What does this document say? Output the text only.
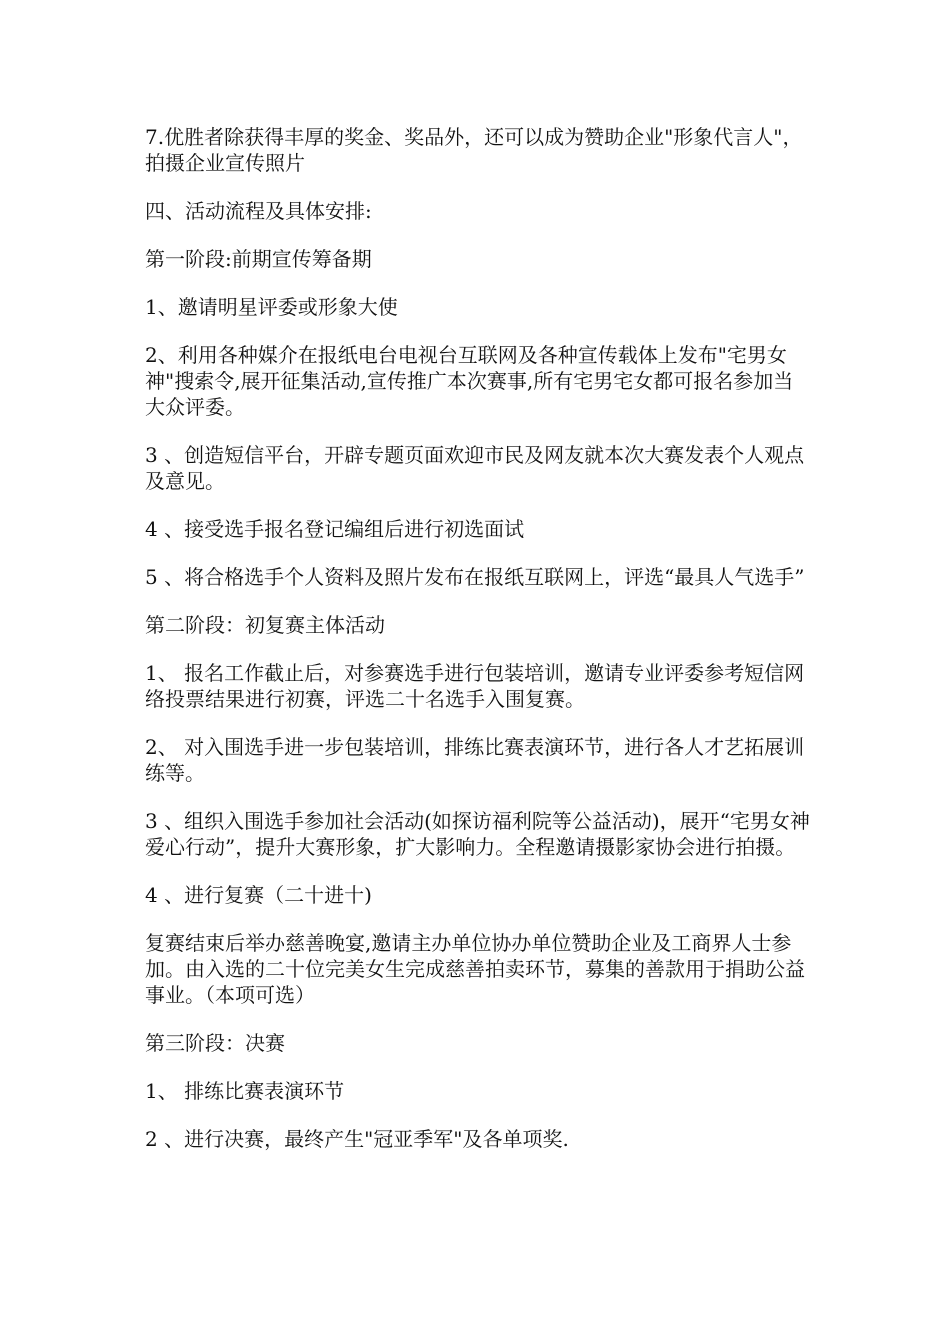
7.优胜者除获得丰厚的奖金、奖品外，还可以成为赞助企业"形象代言人"，拍摄企业宣传照片

四、活动流程及具体安排:

第一阶段:前期宣传筹备期

1、邀请明星评委或形象大使

2、利用各种媒介在报纸电台电视台互联网及各种宣传载体上发布"宅男女神"搜索令,展开征集活动,宣传推广本次赛事,所有宅男宅女都可报名参加当大众评委。

3 、创造短信平台，开辟专题页面欢迎市民及网友就本次大赛发表个人观点及意见。

4 、接受选手报名登记编组后进行初选面试

5 、将合格选手个人资料及照片发布在报纸互联网上，评选“最具人气选手”

第二阶段：初复赛主体活动

1、 报名工作截止后，对参赛选手进行包装培训，邀请专业评委参考短信网络投票结果进行初赛，评选二十名选手入围复赛。

2、 对入围选手进一步包装培训，排练比赛表演环节，进行各人才艺拓展训练等。

3 、组织入围选手参加社会活动(如探访福利院等公益活动)，展开“宅男女神爱心行动”，提升大赛形象，扩大影响力。全程邀请摄影家协会进行拍摄。

4 、进行复赛（二十进十)

复赛结束后举办慈善晚宴,邀请主办单位协办单位赞助企业及工商界人士参加。由入选的二十位完美女生完成慈善拍卖环节，募集的善款用于捐助公益事业。（本项可选）

第三阶段：决赛

1、 排练比赛表演环节

2 、进行决赛，最终产生"冠亚季军"及各单项奖.
